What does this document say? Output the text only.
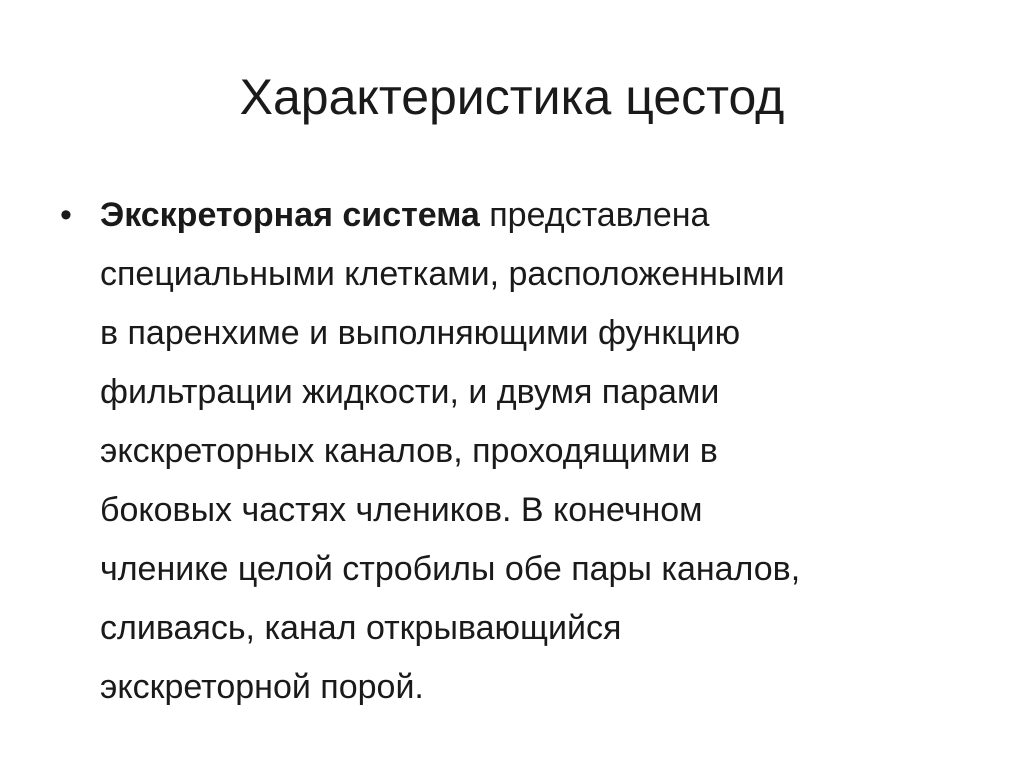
Характеристика цестод
• Экскреторная система представлена
специальными клетками, расположенными
в паренхиме и выполняющими функцию
фильтрации жидкости, и двумя парами
экскреторных каналов, проходящими в
боковых частях члеников. В конечном
членике целой стробилы обе пары каналов,
сливаясь, канал открывающийся
экскреторной порой.
